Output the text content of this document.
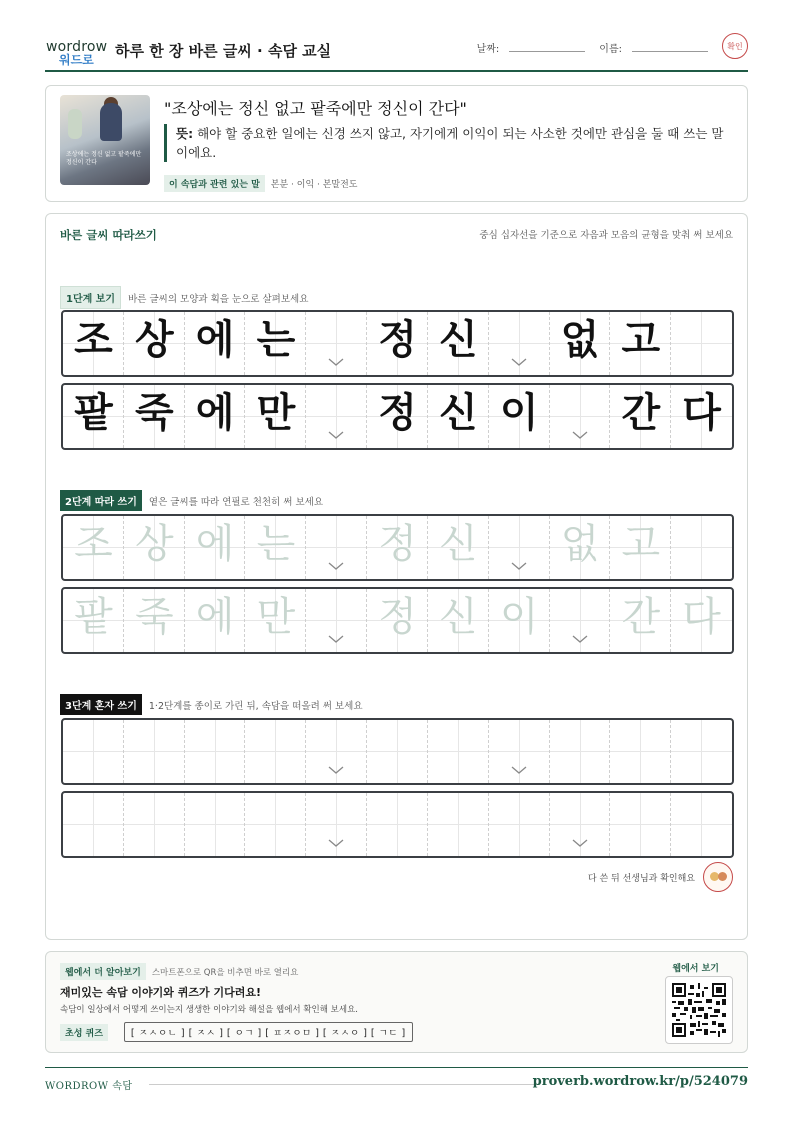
wordrow
워드로
하루 한 장 바른 글씨 · 속담 교실	날짜:	이름:	확인
조상에는 정신 없고 팥죽에만 정신이 간다
"조상에는 정신 없고 팥죽에만 정신이 간다"
뜻: 해야 할 중요한 일에는 신경 쓰지 않고, 자기에게 이익이 되는 사소한 것에만 관심을 둘 때 쓰는 말이에요.
이 속담과 관련 있는 말	본분 · 이익 · 본말전도
바른 글씨 따라쓰기	중심 십자선을 기준으로 자음과 모음의 균형을 맞춰 써 보세요
1단계 보기	바른 글씨의 모양과 획을 눈으로 살펴보세요
조 상 에 는 정 신 없 고
팥 죽 에 만 정 신 이 간 다
2단계 따라 쓰기	옅은 글씨를 따라 연필로 천천히 써 보세요
조 상 에 는 정 신 없 고
팥 죽 에 만 정 신 이 간 다
3단계 혼자 쓰기	1·2단계를 종이로 가린 뒤, 속담을 떠올려 써 보세요
다 쓴 뒤 선생님과 확인해요
웹에서 더 알아보기	스마트폰으로 QR을 비추면 바로 열리요
재미있는 속담 이야기와 퀴즈가 기다려요!
속담이 일상에서 어떻게 쓰이는지 생생한 이야기와 해설을 웹에서 확인해 보세요.
초성 퀴즈	[ ㅈㅅㅇㄴ ] [ ㅈㅅ ] [ ㅇㄱ ] [ ㅍㅈㅇㅁ ] [ ㅈㅅㅇ ] [ ㄱㄷ ]
웹에서 보기
WORDROW 속담	proverb.wordrow.kr/p/524079
